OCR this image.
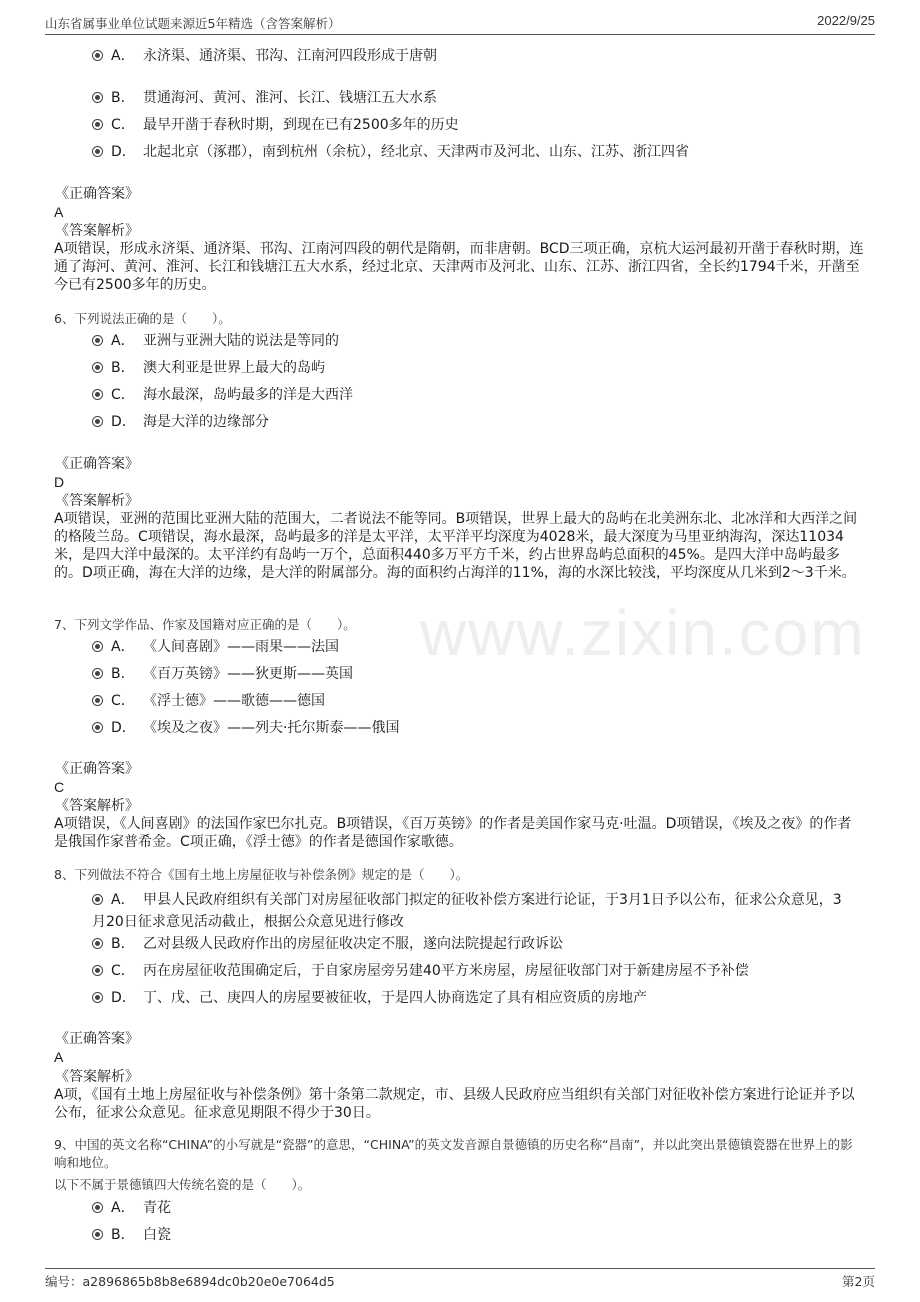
山东省属事业单位试题来源近5年精选（含答案解析）	2022/9/25
www.zixin.com
A． 永济渠、通济渠、邗沟、江南河四段形成于唐朝
B． 贯通海河、黄河、淮河、长江、钱塘江五大水系
C． 最早开凿于春秋时期，到现在已有2500多年的历史
D． 北起北京（涿郡），南到杭州（余杭），经北京、天津两市及河北、山东、江苏、浙江四省
《正确答案》
A
《答案解析》
A项错误，形成永济渠、通济渠、邗沟、江南河四段的朝代是隋朝，而非唐朝。BCD三项正确，京杭大运河最初开凿于春秋时期，连通了海河、黄河、淮河、长江和钱塘江五大水系，经过北京、天津两市及河北、山东、江苏、浙江四省，全长约1794千米，开凿至今已有2500多年的历史。
6、下列说法正确的是（　　）。
A． 亚洲与亚洲大陆的说法是等同的
B． 澳大利亚是世界上最大的岛屿
C． 海水最深，岛屿最多的洋是大西洋
D． 海是大洋的边缘部分
《正确答案》
D
《答案解析》
A项错误，亚洲的范围比亚洲大陆的范围大，二者说法不能等同。B项错误，世界上最大的岛屿在北美洲东北、北冰洋和大西洋之间的格陵兰岛。C项错误，海水最深，岛屿最多的洋是太平洋，太平洋平均深度为4028米，最大深度为马里亚纳海沟，深达11034米，是四大洋中最深的。太平洋约有岛屿一万个，总面积440多万平方千米，约占世界岛屿总面积的45%。是四大洋中岛屿最多的。D项正确，海在大洋的边缘，是大洋的附属部分。海的面积约占海洋的11%，海的水深比较浅，平均深度从几米到2～3千米。
7、下列文学作品、作家及国籍对应正确的是（　　）。
A． 《人间喜剧》——雨果——法国
B． 《百万英镑》——狄更斯——英国
C． 《浮士德》——歌德——德国
D． 《埃及之夜》——列夫·托尔斯泰——俄国
《正确答案》
C
《答案解析》
A项错误，《人间喜剧》的法国作家巴尔扎克。B项错误，《百万英镑》的作者是美国作家马克·吐温。D项错误，《埃及之夜》的作者是俄国作家普希金。C项正确，《浮士德》的作者是德国作家歌德。
8、下列做法不符合《国有土地上房屋征收与补偿条例》规定的是（　　）。
A． 甲县人民政府组织有关部门对房屋征收部门拟定的征收补偿方案进行论证，于3月1日予以公布，征求公众意见，3月20日征求意见活动截止，根据公众意见进行修改
B． 乙对县级人民政府作出的房屋征收决定不服，遂向法院提起行政诉讼
C． 丙在房屋征收范围确定后，于自家房屋旁另建40平方米房屋，房屋征收部门对于新建房屋不予补偿
D． 丁、戊、己、庚四人的房屋要被征收，于是四人协商选定了具有相应资质的房地产
《正确答案》
A
《答案解析》
A项，《国有土地上房屋征收与补偿条例》第十条第二款规定，市、县级人民政府应当组织有关部门对征收补偿方案进行论证并予以公布，征求公众意见。征求意见期限不得少于30日。
9、中国的英文名称“CHINA”的小写就是“瓷器”的意思，“CHINA”的英文发音源自景德镇的历史名称“昌南”，并以此突出景德镇瓷器在世界上的影响和地位。
以下不属于景德镇四大传统名瓷的是（　　）。
A． 青花
B． 白瓷
编号：a2896865b8b8e6894dc0b20e0e7064d5	第2页
